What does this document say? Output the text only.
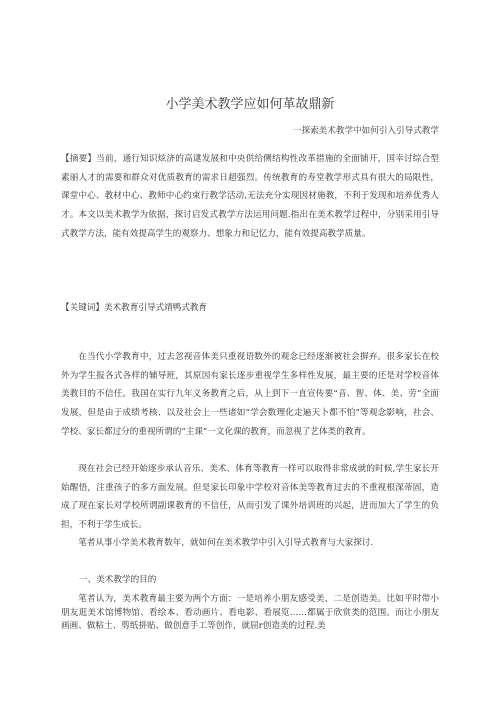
小学美术教学应如何革故鼎新
一探索美术教学中如何引入引导式教学
【摘要】当前，通行知识炫济的高逮发展和中央供给侧结构性改革措施的全面铺开，国幸讨综合型素丽人才的需要和群众对优质教育的需求日超强烈。传统教育的寿堂教学形式具有很大的局限性，课堂中心、教材中心、教师中心约束行教学活动,无法充分实现因材施教，不利于发现和培养优秀人才。本文以美术教学为依据，探讨启发式教学方法运用问题.指出在美术教学过程中，分别采用引导式教学方法，能有效提高学生的观察力、想象力和记忆力，能有效提高教学质量。
【关键词】美术教育引导式靖鸭式教育
在当代小学教育中，过去忽视音体美只重视语数外的观念已经逐渐被社会摒弃。很多家长在校外为学生报各式各样的辅导班，其原因有家长逐步重视学生多样性发展，最主要的还是对学校音体美教目的不信任。我国在实行九年义务教育之后，从上到下一直宣传要“音、智、体、美、劳”全面发展，但是由于成绩考核、以及社会上一些诸如“学会数理化走遍天卜都不怕”等观念影响，社会、学校、家长都过分的重视所谓的“主课”一文化课的教育，而忽视了艺体类的教育。
现在社会已经开始逐步承认音乐、美术、体育等教育一样可以取得非常成就的时候,学生家长开始醒悟，注重孩子的多方面发展。但是家长印象中学校对音体美等教育过去的不重视根深蒂固，造成了现在家长对学校所谓副课教育的不信任，从而引发了课外培训班的兴起，进而加大了学生的负担，不利于学生成长。
笔者从事小学美术教育数年，就如何在美术教学中引入引导式教育与大家探讨.
一、美术教学的目的
笔者认为，美术教育最主要为两个方面：一是培养小朋友感受美，二是创造美。比如平时带小朋友逛美术馆博物馆、看绘本、看动画片、看电影、看展览……都属于欣赏类的范围。而让小朋友画画、做粘土、剪纸拼贴、做创意手工等创作，就屈r创造美的过程.美
